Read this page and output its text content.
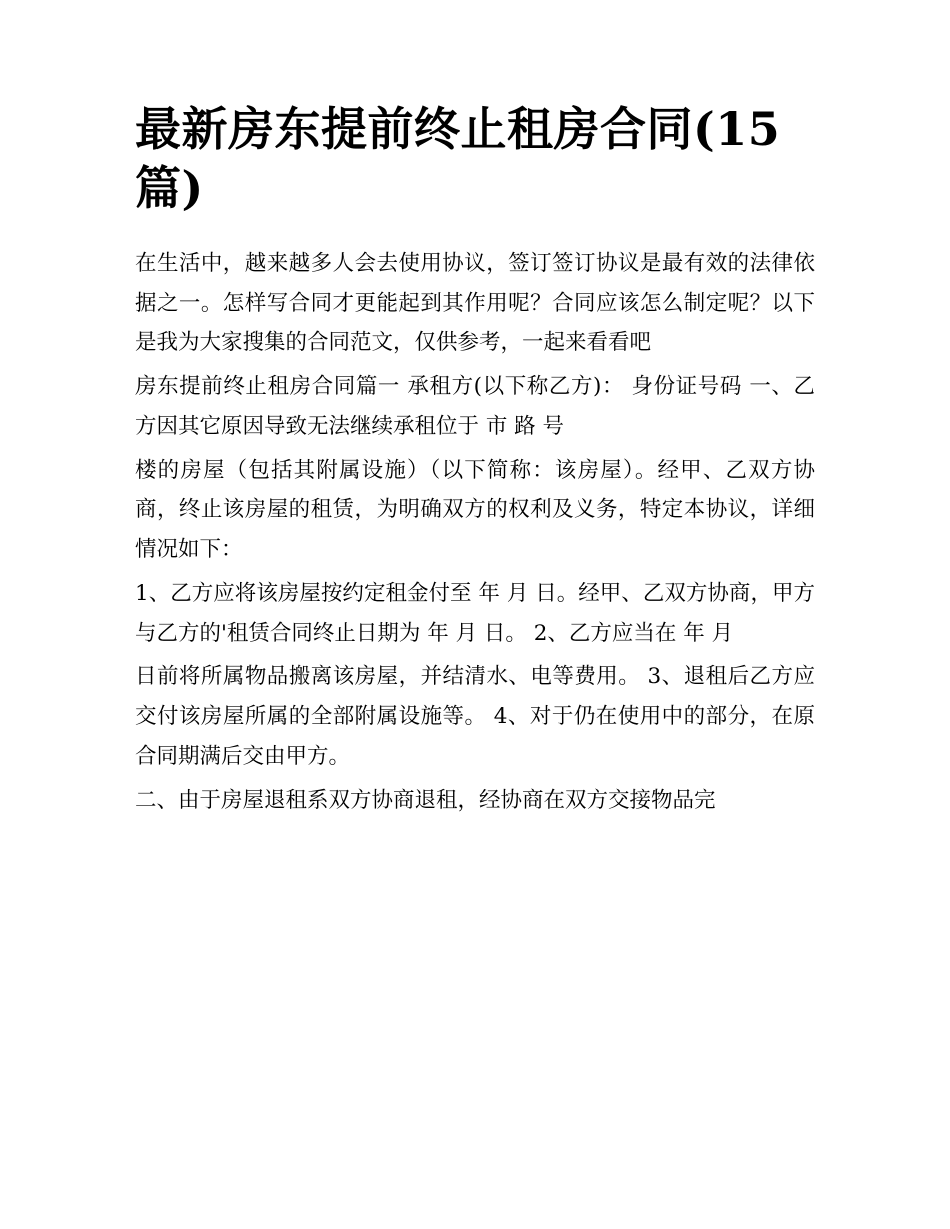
最新房东提前终止租房合同(15篇)

在生活中，越来越多人会去使用协议，签订签订协议是最有效的法律依据之一。怎样写合同才更能起到其作用呢？合同应该怎么制定呢？以下是我为大家搜集的合同范文，仅供参考，一起来看看吧

房东提前终止租房合同篇一 承租方(以下称乙方)： 身份证号码 一、乙方因其它原因导致无法继续承租位于 市 路 号

楼的房屋（包括其附属设施）（以下简称：该房屋）。经甲、乙双方协商，终止该房屋的租赁，为明确双方的权利及义务，特定本协议，详细情况如下：

1、乙方应将该房屋按约定租金付至 年 月 日。经甲、乙双方协商，甲方与乙方的'租赁合同终止日期为 年 月 日。 2、乙方应当在 年 月

日前将所属物品搬离该房屋，并结清水、电等费用。 3、退租后乙方应交付该房屋所属的全部附属设施等。 4、对于仍在使用中的部分，在原合同期满后交由甲方。

二、由于房屋退租系双方协商退租，经协商在双方交接物品完
